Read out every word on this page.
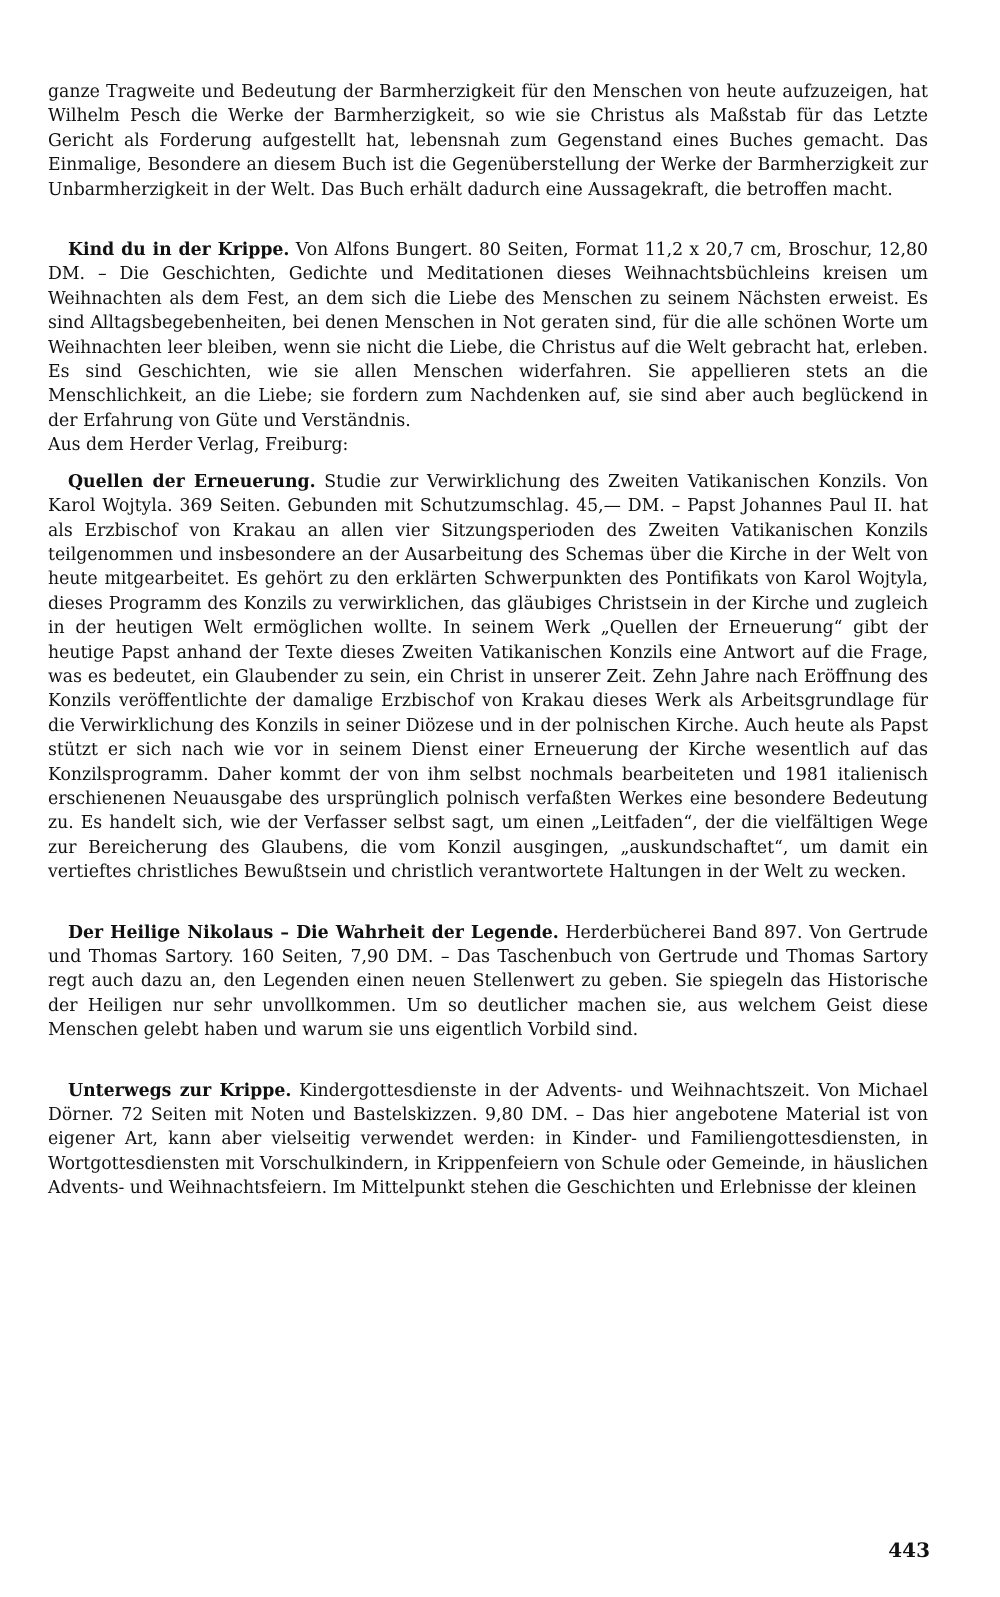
ganze Tragweite und Bedeutung der Barmherzigkeit für den Menschen von heute aufzuzeigen, hat Wilhelm Pesch die Werke der Barmherzigkeit, so wie sie Christus als Maßstab für das Letzte Gericht als Forderung aufgestellt hat, lebensnah zum Gegenstand eines Buches gemacht. Das Einmalige, Besondere an diesem Buch ist die Gegenüberstellung der Werke der Barmherzigkeit zur Unbarmherzigkeit in der Welt. Das Buch erhält dadurch eine Aussagekraft, die betroffen macht.

Kind du in der Krippe. Von Alfons Bungert. 80 Seiten, Format 11,2 x 20,7 cm, Broschur, 12,80 DM. – Die Geschichten, Gedichte und Meditationen dieses Weihnachtsbüchleins kreisen um Weihnachten als dem Fest, an dem sich die Liebe des Menschen zu seinem Nächsten erweist. Es sind Alltagsbegebenheiten, bei denen Menschen in Not geraten sind, für die alle schönen Worte um Weihnachten leer bleiben, wenn sie nicht die Liebe, die Christus auf die Welt gebracht hat, erleben. Es sind Geschichten, wie sie allen Menschen widerfahren. Sie appellieren stets an die Menschlichkeit, an die Liebe; sie fordern zum Nachdenken auf, sie sind aber auch beglückend in der Erfahrung von Güte und Verständnis.

Aus dem Herder Verlag, Freiburg:

Quellen der Erneuerung. Studie zur Verwirklichung des Zweiten Vatikanischen Konzils. Von Karol Wojtyla. 369 Seiten. Gebunden mit Schutzumschlag. 45,— DM. – Papst Johannes Paul II. hat als Erzbischof von Krakau an allen vier Sitzungsperioden des Zweiten Vatikanischen Konzils teilgenommen und insbesondere an der Ausarbeitung des Schemas über die Kirche in der Welt von heute mitgearbeitet. Es gehört zu den erklärten Schwerpunkten des Pontifikats von Karol Wojtyla, dieses Programm des Konzils zu verwirklichen, das gläubiges Christsein in der Kirche und zugleich in der heutigen Welt ermöglichen wollte. In seinem Werk „Quellen der Erneuerung“ gibt der heutige Papst anhand der Texte dieses Zweiten Vatikanischen Konzils eine Antwort auf die Frage, was es bedeutet, ein Glaubender zu sein, ein Christ in unserer Zeit. Zehn Jahre nach Eröffnung des Konzils veröffentlichte der damalige Erzbischof von Krakau dieses Werk als Arbeitsgrundlage für die Verwirklichung des Konzils in seiner Diözese und in der polnischen Kirche. Auch heute als Papst stützt er sich nach wie vor in seinem Dienst einer Erneuerung der Kirche wesentlich auf das Konzilsprogramm. Daher kommt der von ihm selbst nochmals bearbeiteten und 1981 italienisch erschienenen Neuausgabe des ursprünglich polnisch verfaßten Werkes eine besondere Bedeutung zu. Es handelt sich, wie der Verfasser selbst sagt, um einen „Leitfaden“, der die vielfältigen Wege zur Bereicherung des Glaubens, die vom Konzil ausgingen, „auskundschaftet“, um damit ein vertieftes christliches Bewußtsein und christlich verantwortete Haltungen in der Welt zu wecken.

Der Heilige Nikolaus – Die Wahrheit der Legende. Herderbücherei Band 897. Von Gertrude und Thomas Sartory. 160 Seiten, 7,90 DM. – Das Taschenbuch von Gertrude und Thomas Sartory regt auch dazu an, den Legenden einen neuen Stellenwert zu geben. Sie spiegeln das Historische der Heiligen nur sehr unvollkommen. Um so deutlicher machen sie, aus welchem Geist diese Menschen gelebt haben und warum sie uns eigentlich Vorbild sind.

Unterwegs zur Krippe. Kindergottesdienste in der Advents- und Weihnachtszeit. Von Michael Dörner. 72 Seiten mit Noten und Bastelskizzen. 9,80 DM. – Das hier angebotene Material ist von eigener Art, kann aber vielseitig verwendet werden: in Kinder- und Familiengottesdiensten, in Wortgottesdiensten mit Vorschulkindern, in Krippenfeiern von Schule oder Gemeinde, in häuslichen Advents- und Weihnachtsfeiern. Im Mittelpunkt stehen die Geschichten und Erlebnisse der kleinen

443
